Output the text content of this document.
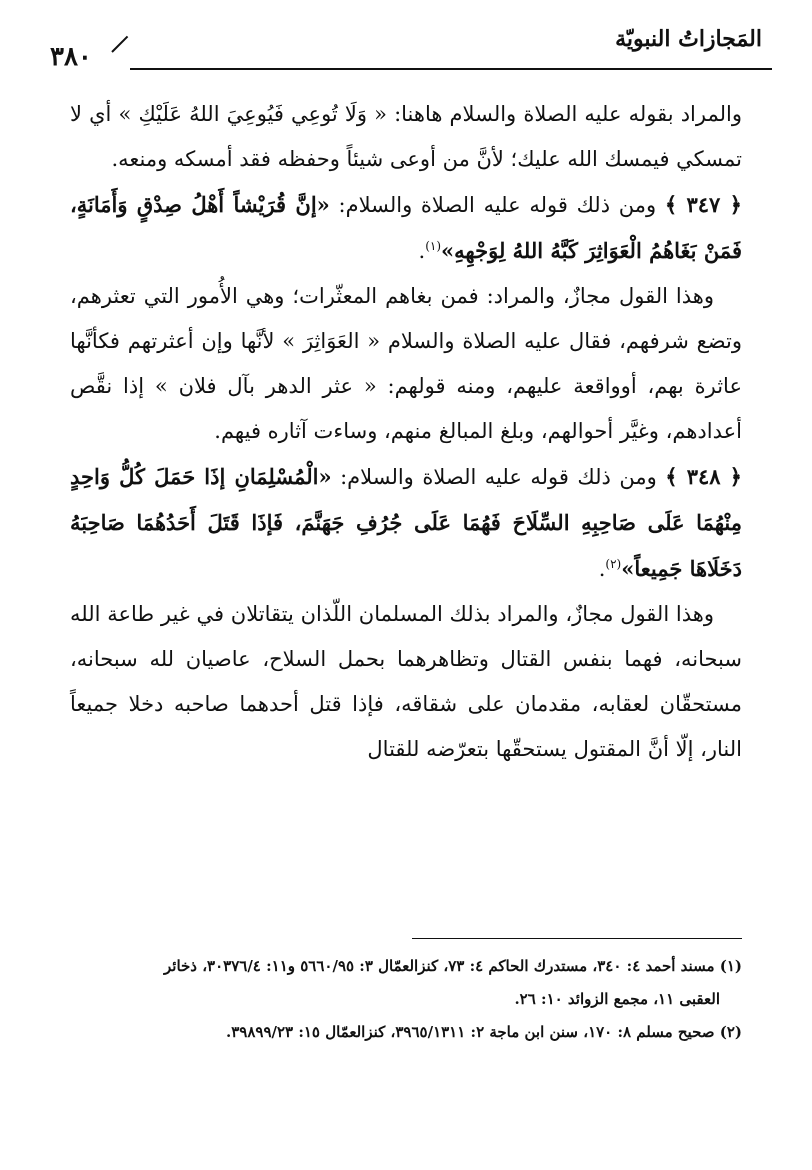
المَجازاتُ النبويّة
٣٨٠

والمراد بقوله عليه الصلاة والسلام هاهنا: « وَلَا تُوعِي فَيُوعِيَ اللهُ عَلَيْكِ » أي لا تمسكي فيمسك الله عليك؛ لأنَّ من أوعى شيئاً وحفظه فقد أمسكه ومنعه.

﴿ ٣٤٧ ﴾ ومن ذلك قوله عليه الصلاة والسلام: «إنَّ قُرَيْشاً أَهْلُ صِدْقٍ وَأَمَانَةٍ، فَمَنْ بَغَاهُمُ الْعَوَاثِرَ كَبَّهُ اللهُ لِوَجْهِهِ»$^{(١)}$.

وهذا القول مجازٌ، والمراد: فمن بغاهم المعثّرات؛ وهي الأُمور التي تعثرهم، وتضع شرفهم، فقال عليه الصلاة والسلام « العَوَاثِرَ » لأنَّها وإن أعثرتهم فكأنَّها عاثرة بهم، أوواقعة عليهم، ومنه قولهم: « عثر الدهر بآل فلان » إذا نقَّص أعدادهم، وغيَّر أحوالهم، وبلغ المبالغ منهم، وساءت آثاره فيهم.

﴿ ٣٤٨ ﴾ ومن ذلك قوله عليه الصلاة والسلام: «الْمُسْلِمَانِ إذَا حَمَلَ كُلُّ وَاحِدٍ مِنْهُمَا عَلَى صَاحِبِهِ السِّلَاحَ فَهُمَا عَلَى جُرُفِ جَهَنَّمَ، فَإذَا قَتَلَ أَحَدُهُمَا صَاحِبَهُ دَخَلَاهَا جَمِيعاً»$^{(٢)}$.

وهذا القول مجازٌ، والمراد بذلك المسلمان اللّذان يتقاتلان في غير طاعة الله سبحانه، فهما بنفس القتال وتظاهرهما بحمل السلاح، عاصيان لله سبحانه، مستحقّان لعقابه، مقدمان على شقاقه، فإذا قتل أحدهما صاحبه دخلا جميعاً النار، إلّا أنَّ المقتول يستحقّها بتعرّضه للقتال

(١) مسند أحمد ٤: ٣٤٠، مستدرك الحاكم ٤: ٧٣، كنزالعمّال ٣: ٥٦٦٠/٩٥ و١١: ٣٠٣٧٦/٤، ذخائر

العقبى ١١، مجمع الزوائد ١٠: ٢٦.

(٢) صحيح مسلم ٨: ١٧٠، سنن ابن ماجة ٢: ٣٩٦٥/١٣١١، كنزالعمّال ١٥: ٣٩٨٩٩/٢٣.
